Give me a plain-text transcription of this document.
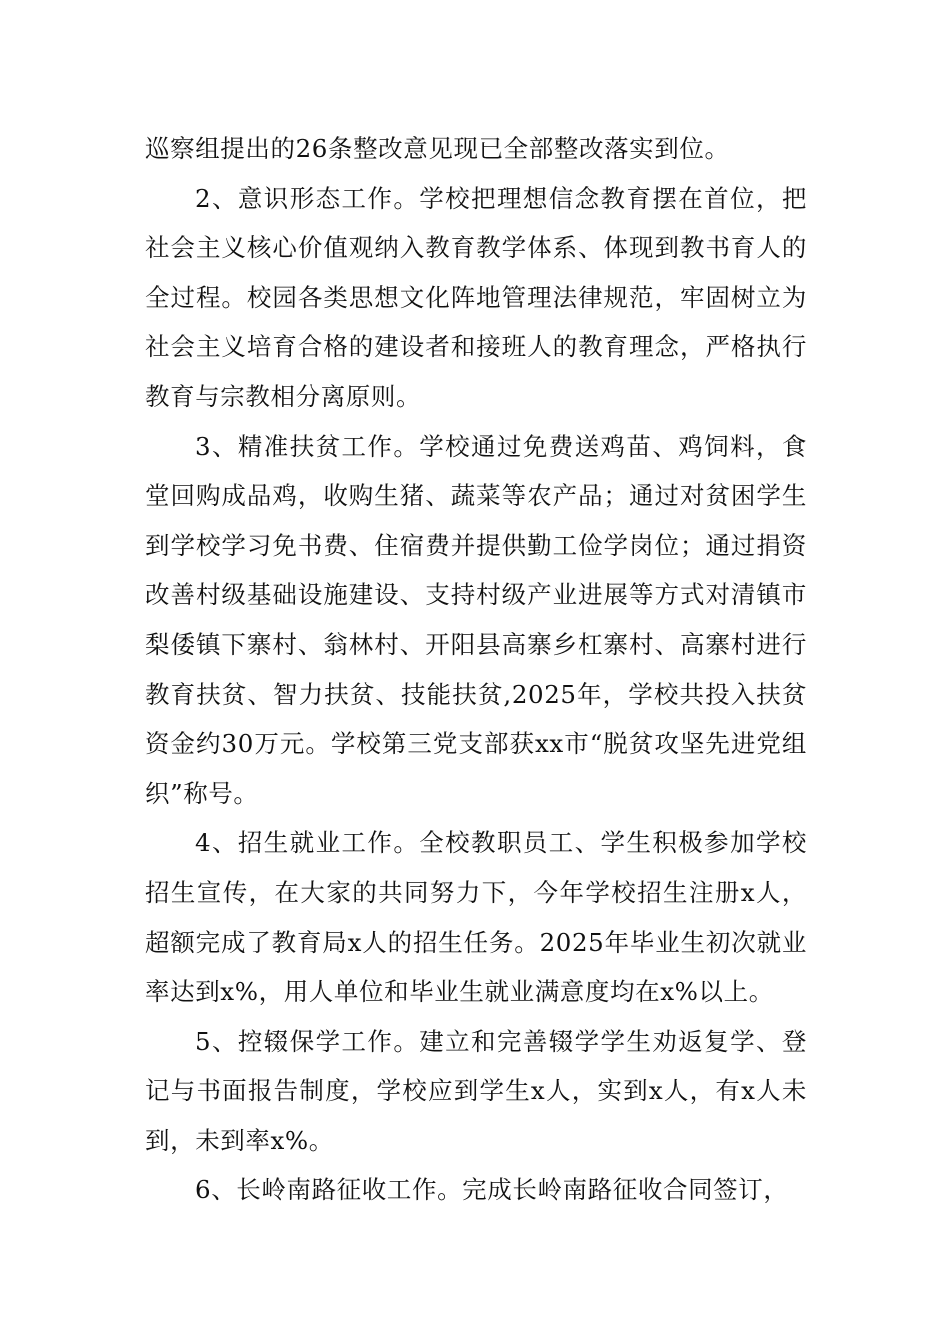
巡察组提出的26条整改意见现已全部整改落实到位。

2、意识形态工作。学校把理想信念教育摆在首位，把社会主义核心价值观纳入教育教学体系、体现到教书育人的全过程。校园各类思想文化阵地管理法律规范，牢固树立为社会主义培育合格的建设者和接班人的教育理念，严格执行教育与宗教相分离原则。

3、精准扶贫工作。学校通过免费送鸡苗、鸡饲料，食堂回购成品鸡，收购生猪、蔬菜等农产品；通过对贫困学生到学校学习免书费、住宿费并提供勤工俭学岗位；通过捐资改善村级基础设施建设、支持村级产业进展等方式对清镇市梨倭镇下寨村、翁林村、开阳县高寨乡杠寨村、高寨村进行教育扶贫、智力扶贫、技能扶贫,2025年，学校共投入扶贫资金约30万元。学校第三党支部获xx市“脱贫攻坚先进党组织”称号。

4、招生就业工作。全校教职员工、学生积极参加学校招生宣传，在大家的共同努力下，今年学校招生注册x人，超额完成了教育局x人的招生任务。2025年毕业生初次就业率达到x%，用人单位和毕业生就业满意度均在x%以上。

5、控辍保学工作。建立和完善辍学学生劝返复学、登记与书面报告制度，学校应到学生x人，实到x人，有x人未到，未到率x%。

6、长岭南路征收工作。完成长岭南路征收合同签订，
